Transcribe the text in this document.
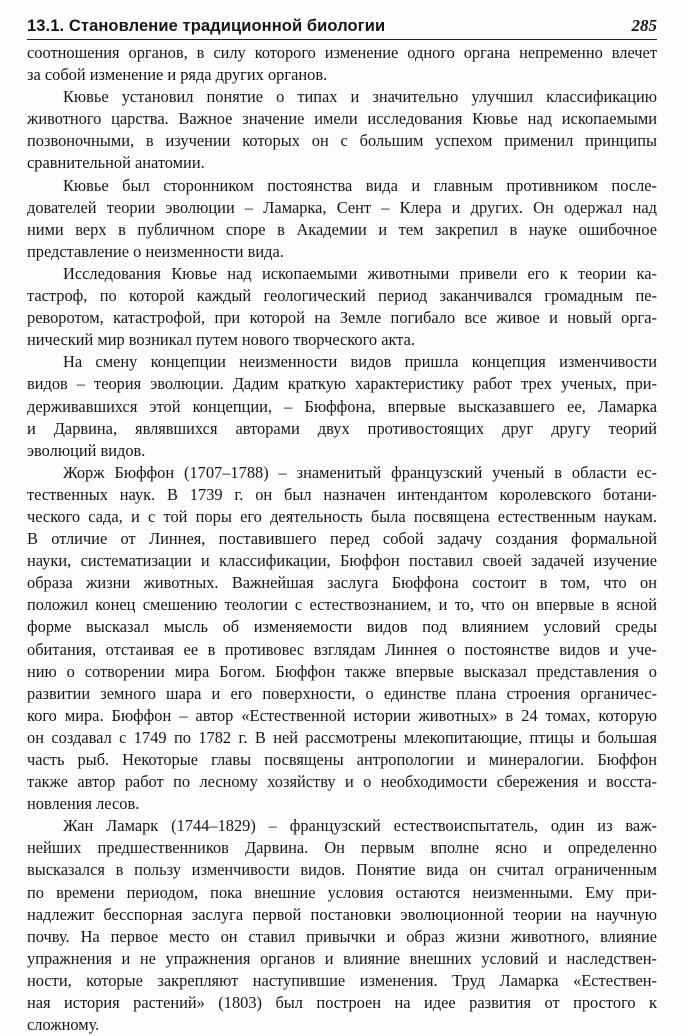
13.1. Становление традиционной биологии	285

соотношения органов, в силу которого изменение одного органа непременно влечет
за собой изменение и ряда других органов.

Кювье установил понятие о типах и значительно улучшил классификацию
животного царства. Важное значение имели исследования Кювье над ископаемыми
позвоночными, в изучении которых он с большим успехом применил принципы
сравнительной анатомии.

Кювье был сторонником постоянства вида и главным противником после-
дователей теории эволюции – Ламарка, Сент – Клера и других. Он одержал над
ними верх в публичном споре в Академии и тем закрепил в науке ошибочное
представление о неизменности вида.

Исследования Кювье над ископаемыми животными привели его к теории ка-
тастроф, по которой каждый геологический период заканчивался громадным пе-
реворотом, катастрофой, при которой на Земле погибало все живое и новый орга-
нический мир возникал путем нового творческого акта.

На смену концепции неизменности видов пришла концепция изменчивости
видов – теория эволюции. Дадим краткую характеристику работ трех ученых, при-
держивавшихся этой концепции, – Бюффона, впервые высказавшего ее, Ламарка
и Дарвина, являвшихся авторами двух противостоящих друг другу теорий
эволюций видов.

Жорж Бюффон (1707–1788) – знаменитый французский ученый в области ес-
тественных наук. В 1739 г. он был назначен интендантом королевского ботани-
ческого сада, и с той поры его деятельность была посвящена естественным наукам.
В отличие от Линнея, поставившего перед собой задачу создания формальной
науки, систематизации и классификации, Бюффон поставил своей задачей изучение
образа жизни животных. Важнейшая заслуга Бюффона состоит в том, что он
положил конец смешению теологии с естествознанием, и то, что он впервые в ясной
форме высказал мысль об изменяемости видов под влиянием условий среды
обитания, отстаивая ее в противовес взглядам Линнея о постоянстве видов и уче-
нию о сотворении мира Богом. Бюффон также впервые высказал представления о
развитии земного шара и его поверхности, о единстве плана строения органичес-
кого мира. Бюффон – автор «Естественной истории животных» в 24 томах, которую
он создавал с 1749 по 1782 г. В ней рассмотрены млекопитающие, птицы и большая
часть рыб. Некоторые главы посвящены антропологии и минералогии. Бюффон
также автор работ по лесному хозяйству и о необходимости сбережения и восста-
новления лесов.

Жан Ламарк (1744–1829) – французский естествоиспытатель, один из важ-
нейших предшественников Дарвина. Он первым вполне ясно и определенно
высказался в пользу изменчивости видов. Понятие вида он считал ограниченным
по времени периодом, пока внешние условия остаются неизменными. Ему при-
надлежит бесспорная заслуга первой постановки эволюционной теории на научную
почву. На первое место он ставил привычки и образ жизни животного, влияние
упражнения и не упражнения органов и влияние внешних условий и наследствен-
ности, которые закрепляют наступившие изменения. Труд Ламарка «Естествен-
ная история растений» (1803) был построен на идее развития от простого к
сложному.
